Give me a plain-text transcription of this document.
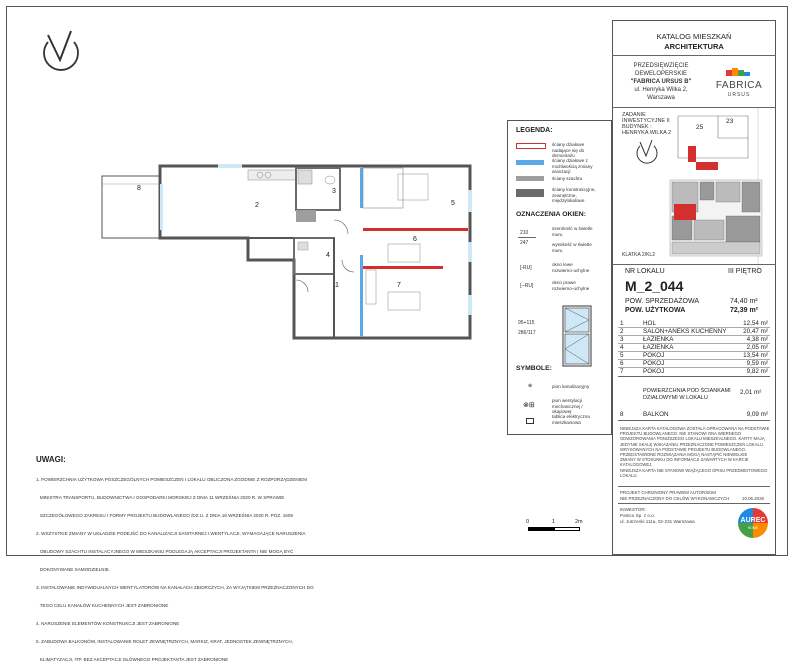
KATALOG MIESZKAŃ
ARCHITEKTURA
PRZEDSIĘWZIĘCIE
DEWELOPERSKIE
"FABRICA URSUS B"
ul. Henryka Wilka 2,
Warszawa
FABRICA
URSUS
ZADANIE
INWESTYCYJNE II
BUDYNEK :
HENRYKA WILKA 2
25
23
KLATKA 2/KL2
NR LOKALU	III PIĘTRO
M_2_044
POW. SPRZEDAŻOWA	74,40 m²
POW. UŻYTKOWA	72,39 m²
1	HOL	12,54 m²
2	SALON+ANEKS KUCHENNY	20,47 m²
3	ŁAZIENKA	4,38 m²
4	ŁAZIENKA	2,05 m²
5	POKÓJ	13,54 m²
6	POKÓJ	9,59 m²
7	POKÓJ	9,82 m²
POWIERZCHNIA POD ŚCIANKAMI
DZIAŁOWYMI W LOKALU
2,01 m²
8	BALKON	9,09 m²
NINIEJSZA KARTA KATALOGOWA ZOSTAŁA OPRACOWANA NA PODSTAWIE
PROJEKTU BUDOWLANEGO. NIE STANOWI ONA WIERNEGO
ODWZOROWANIA PONIŻSZEGO LOKALU MIESZKALNEGO. KARTY MAJĄ
JEDYNIE SKALĘ WSKAZANIU PRZEZNACZONE POMIESZCZEŃ LOKALU.
WRYSOWANYCH NA PODSTAWIE PROJEKTU BUDOWLANEGO.
PRZEDSTAWIONE ROZWIĄZANIA MOGĄ NASTĄPIĆ NIEWIELKIE
ZMIANY W STOSUNKU DO INFORMACJI ZAWARTYCH W KARCIE
KATALOGOWEJ.
NINIEJSZA KARTA NIE STANOWI WIĄŻĄCEGO OPISU PRZEDMIOTOWEGO
LOKALU.
PROJEKT CHRONIONY PRAWEM AUTORSKIM
NIE PRZEZNACZONY DO CELÓW WYKONAWCZYCH	10.06.2026
INWESTOR:
Partico Sp. z o.o.
ul. Jutrzenki 111a, 02-231 Warszawa	AUREC
HOME
LEGENDA:
ściany działowe nadające się do demontażu
ściany działowe z możliwością zmiany aranżacji
ściany szachtu
ściany konstrukcyjne, zewnętrzne, międzylokalowe
OZNACZENIA OKIEN:
210
247
szerokość w świetle muru
wysokość w świetle muru
[-RU]
okno lewe rozwierno-uchylne
[--RU]
okno prawe rozwierno-uchylne
95+115
286/117
SYMBOLE:
⊕	pion kanalizacyjny
⊗⊞
pion wentylacji mechanicznej / okapowej
tablica elektryczna mieszkaniowa
8
2
3
5
6
4
1	7
UWAGI:

1. POWIERZCHNIA UŻYTKOWA POSZCZEGÓLNYCH POMIESZCZEŃ I LOKALU OBLICZONA ZGODNIE Z ROZPORZĄDZENIEM

MINISTRA TRANSPORTU, BUDOWNICTWA I GOSPODARKI MORSKIEJ Z DNIA 11 WRZEŚNIA 2020 R. W SPRAWIE

SZCZEGÓŁOWEGO ZAKRESU I FORMY PROJEKTU BUDOWLANEGO /DZ.U. Z DNIA 18 WRZEŚNIA 2020 R. POZ. 1609

2. WSZYSTKIE ZMIANY W UKŁADZIE PODEJŚĆ DO KANALIZACJI SANITARNEJ I WENTYLACJI, WYMAGAJĄCE NARUSZENIA

OBUDOWY SZACHTU INSTALACYJNEGO W MIESZKANIU PODLEGAJĄ AKCEPTACJI PROJEKTANTA I NIE MOGĄ BYĆ

DOKONYWANE SAMODZIELNIE.

3. INSTALOWANIE INDYWIDUALNYCH WENTYLATORÓW NA KANAŁACH ZBIORCZYCH, ZA WYJĄTKIEM PRZEZNACZONYCH DO

TEGO CELU KANAŁÓW KUCHENNYCH JEST ZABRONIONE

4. NARUSZENIE ELEMENTÓW KONSTRUKCJI JEST ZABRONIONE

5. ZABUDOWA BALKONÓW, INSTALOWANIE ROLET ZEWNĘTRZNYCH, MARKIZ, KRAT, JEDNOSTEK ZEWNĘTRZNYCH,

KLIMATYZACJI, ITP. BEZ AKCEPTACJI GŁÓWNEGO PROJEKTANTA JEST ZABRONIONE

0	1	2m
